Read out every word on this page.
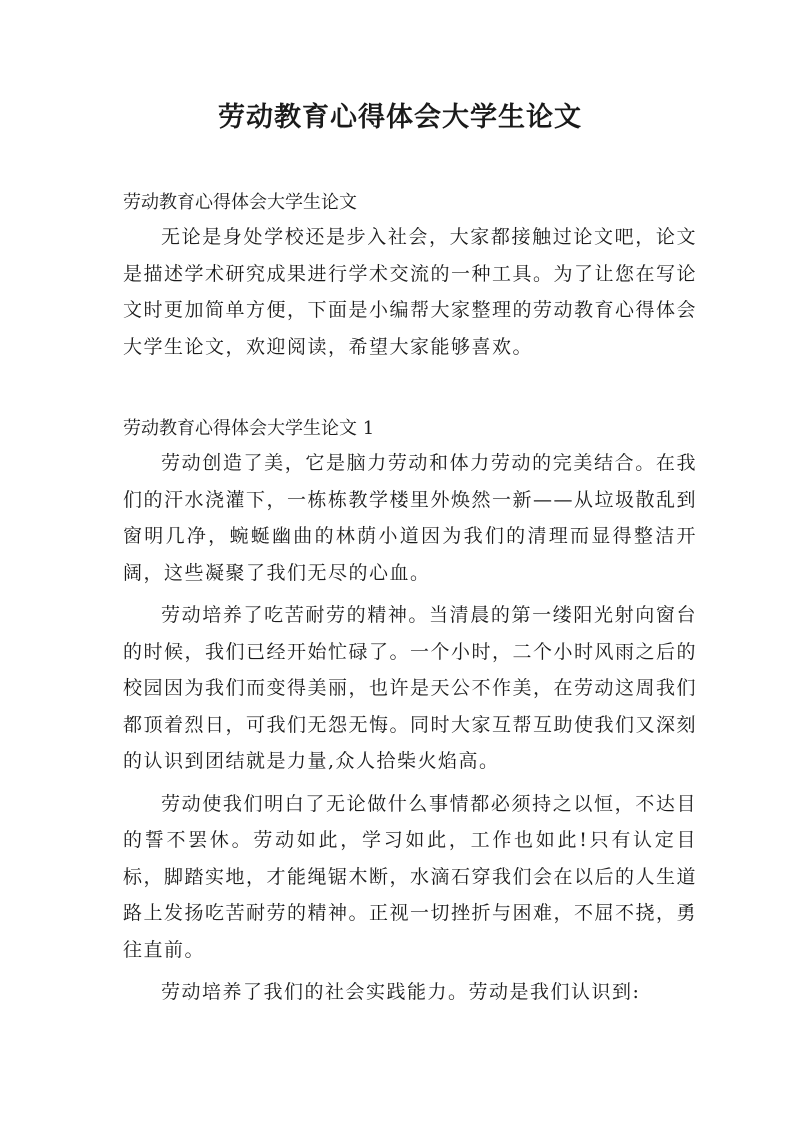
劳动教育心得体会大学生论文

劳动教育心得体会大学生论文

无论是身处学校还是步入社会，大家都接触过论文吧，论文是描述学术研究成果进行学术交流的一种工具。为了让您在写论文时更加简单方便，下面是小编帮大家整理的劳动教育心得体会大学生论文，欢迎阅读，希望大家能够喜欢。

劳动教育心得体会大学生论文 1

劳动创造了美，它是脑力劳动和体力劳动的完美结合。在我们的汗水浇灌下，一栋栋教学楼里外焕然一新——从垃圾散乱到窗明几净，蜿蜒幽曲的林荫小道因为我们的清理而显得整洁开阔，这些凝聚了我们无尽的心血。

劳动培养了吃苦耐劳的精神。当清晨的第一缕阳光射向窗台的时候，我们已经开始忙碌了。一个小时，二个小时风雨之后的校园因为我们而变得美丽，也许是天公不作美，在劳动这周我们都顶着烈日，可我们无怨无悔。同时大家互帮互助使我们又深刻的认识到团结就是力量,众人拾柴火焰高。

劳动使我们明白了无论做什么事情都必须持之以恒，不达目的誓不罢休。劳动如此，学习如此，工作也如此!只有认定目标，脚踏实地，才能绳锯木断，水滴石穿我们会在以后的人生道路上发扬吃苦耐劳的精神。正视一切挫折与困难，不屈不挠，勇往直前。

劳动培养了我们的社会实践能力。劳动是我们认识到:
